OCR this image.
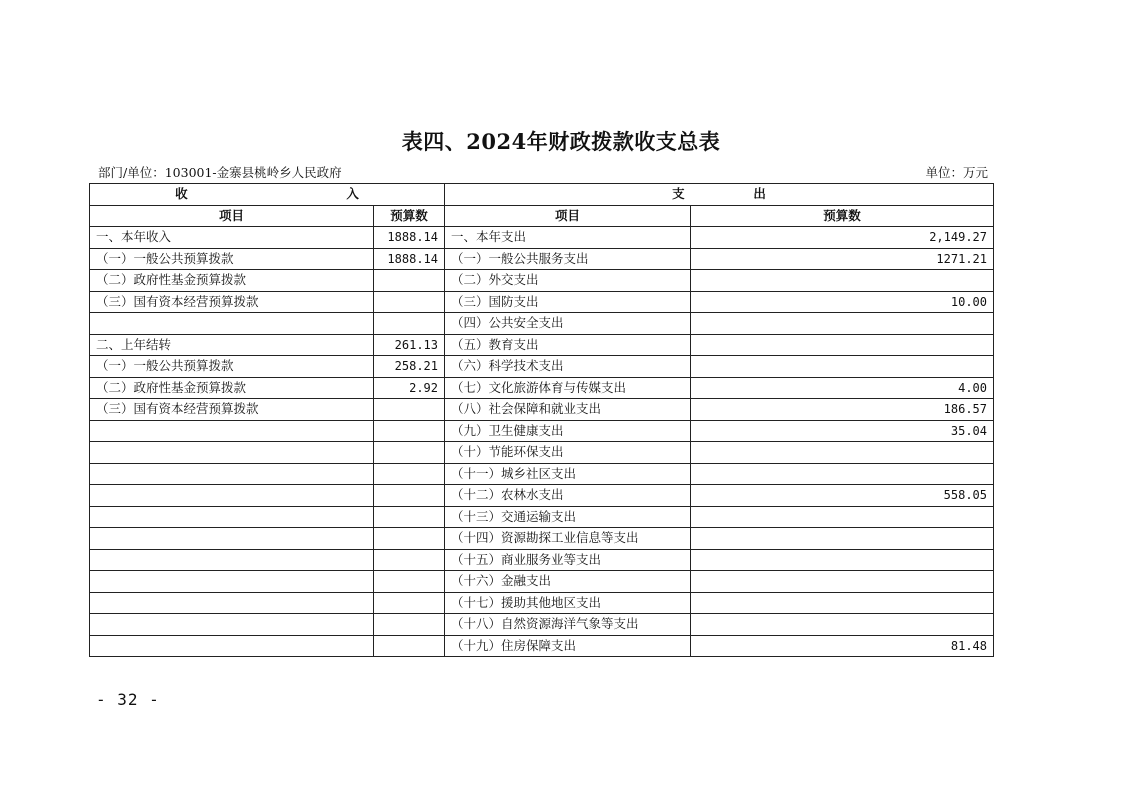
表四、2024年财政拨款收支总表
部门/单位：103001-金寨县桃岭乡人民政府	单位：万元
收 入		支 出	
项目	预算数	项目	预算数
一、本年收入	1888.14	一、本年支出	2,149.27
（一）一般公共预算拨款	1888.14	（一）一般公共服务支出	1271.21
（二）政府性基金预算拨款		（二）外交支出	
（三）国有资本经营预算拨款		（三）国防支出	10.00
		（四）公共安全支出	
二、上年结转	261.13	（五）教育支出	
（一）一般公共预算拨款	258.21	（六）科学技术支出	
（二）政府性基金预算拨款	2.92	（七）文化旅游体育与传媒支出	4.00
（三）国有资本经营预算拨款		（八）社会保障和就业支出	186.57
		（九）卫生健康支出	35.04
		（十）节能环保支出	
		（十一）城乡社区支出	
		（十二）农林水支出	558.05
		（十三）交通运输支出	
		（十四）资源勘探工业信息等支出	
		（十五）商业服务业等支出	
		（十六）金融支出	
		（十七）援助其他地区支出	
		（十八）自然资源海洋气象等支出	
		（十九）住房保障支出	81.48
- 32 -
